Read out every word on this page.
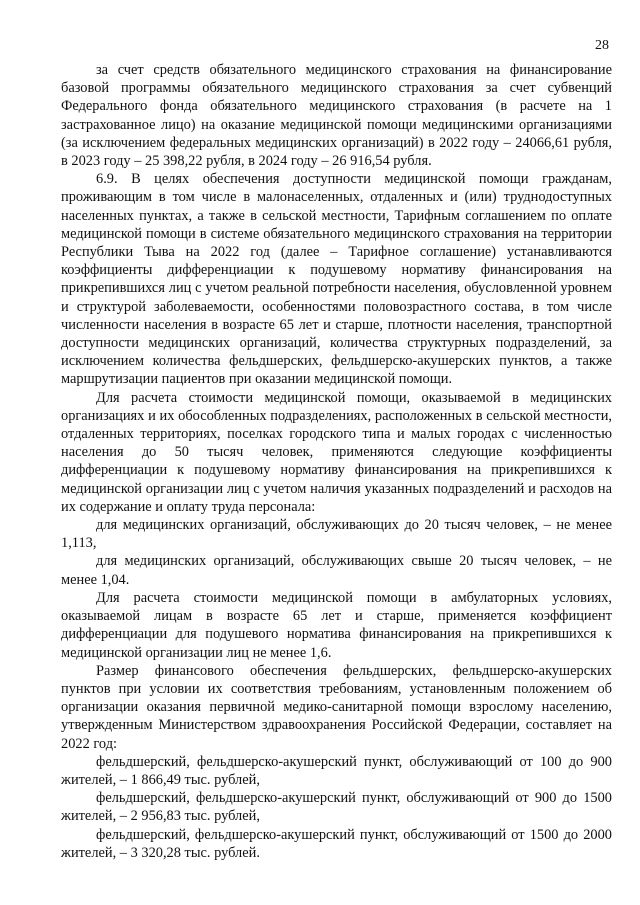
28

за счет средств обязательного медицинского страхования на финансирование базовой программы обязательного медицинского страхования за счет субвенций Федерального фонда обязательного медицинского страхования (в расчете на 1 застрахованное лицо) на оказание медицинской помощи медицинскими организациями (за исключением федеральных медицинских организаций) в 2022 году – 24066,61 рубля, в 2023 году – 25 398,22 рубля, в 2024 году – 26 916,54 рубля.

6.9. В целях обеспечения доступности медицинской помощи гражданам, проживающим в том числе в малонаселенных, отдаленных и (или) труднодоступных населенных пунктах, а также в сельской местности, Тарифным соглашением по оплате медицинской помощи в системе обязательного медицинского страхования на территории Республики Тыва на 2022 год (далее – Тарифное соглашение) устанавливаются коэффициенты дифференциации к подушевому нормативу финансирования на прикрепившихся лиц с учетом реальной потребности населения, обусловленной уровнем и структурой заболеваемости, особенностями половозрастного состава, в том числе численности населения в возрасте 65 лет и старше, плотности населения, транспортной доступности медицинских организаций, количества структурных подразделений, за исключением количества фельдшерских, фельдшерско-акушерских пунктов, а также маршрутизации пациентов при оказании медицинской помощи.

Для расчета стоимости медицинской помощи, оказываемой в медицинских организациях и их обособленных подразделениях, расположенных в сельской местности, отдаленных территориях, поселках городского типа и малых городах с численностью населения до 50 тысяч человек, применяются следующие коэффициенты дифференциации к подушевому нормативу финансирования на прикрепившихся к медицинской организации лиц с учетом наличия указанных подразделений и расходов на их содержание и оплату труда персонала:

для медицинских организаций, обслуживающих до 20 тысяч человек, – не менее 1,113,

для медицинских организаций, обслуживающих свыше 20 тысяч человек, – не менее 1,04.

Для расчета стоимости медицинской помощи в амбулаторных условиях, оказываемой лицам в возрасте 65 лет и старше, применяется коэффициент дифференциации для подушевого норматива финансирования на прикрепившихся к медицинской организации лиц не менее 1,6.

Размер финансового обеспечения фельдшерских, фельдшерско-акушерских пунктов при условии их соответствия требованиям, установленным положением об организации оказания первичной медико-санитарной помощи взрослому населению, утвержденным Министерством здравоохранения Российской Федерации, составляет на 2022 год:

фельдшерский, фельдшерско-акушерский пункт, обслуживающий от 100 до 900 жителей, – 1 866,49 тыс. рублей,

фельдшерский, фельдшерско-акушерский пункт, обслуживающий от 900 до 1500 жителей, – 2 956,83 тыс. рублей,

фельдшерский, фельдшерско-акушерский пункт, обслуживающий от 1500 до 2000 жителей, – 3 320,28 тыс. рублей.
